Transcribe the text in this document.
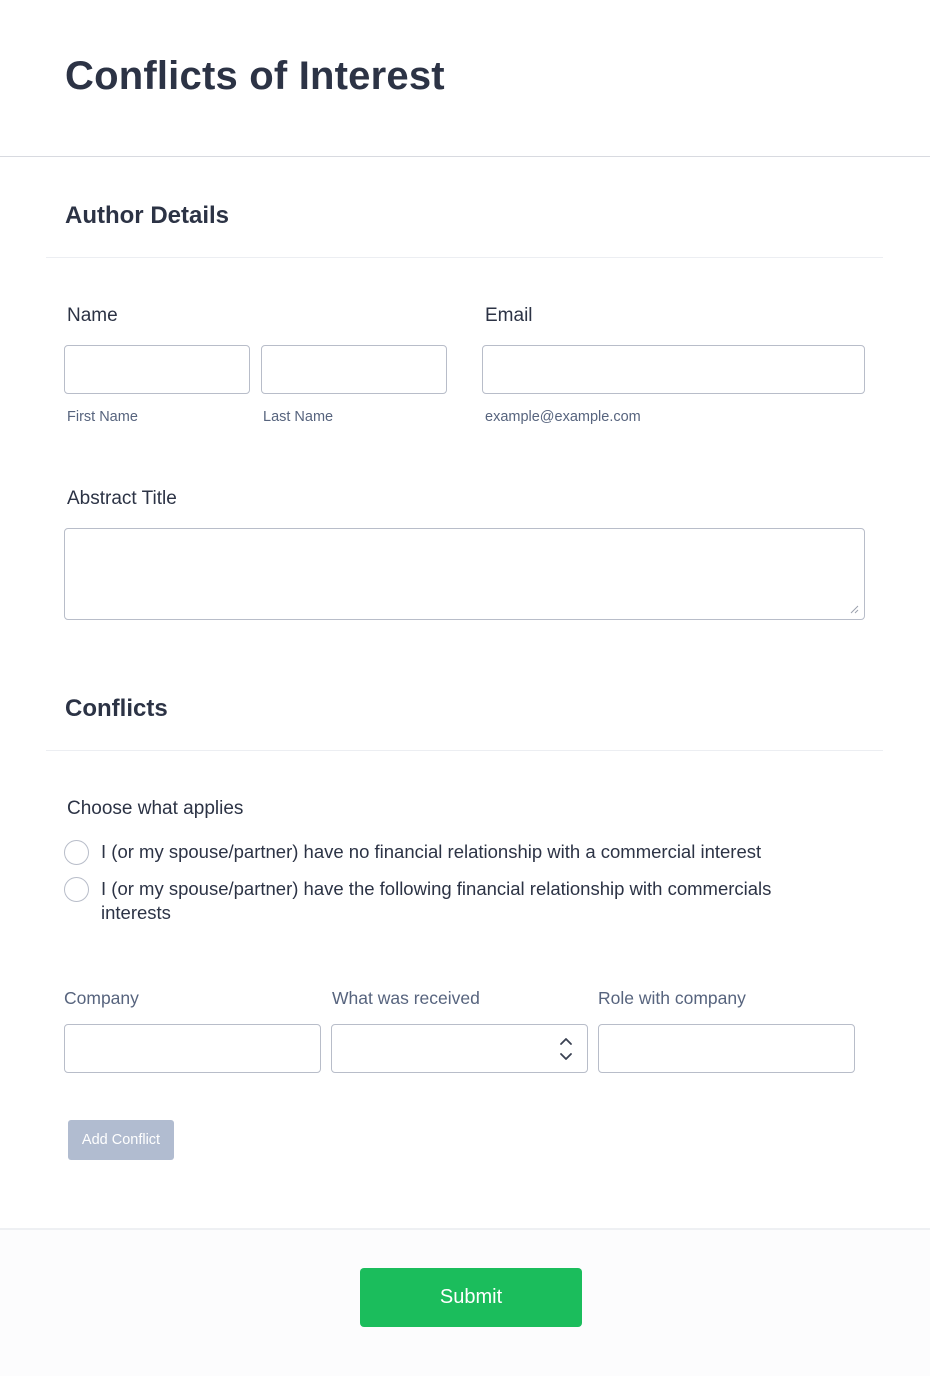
Conflicts of Interest
Author Details
Name
First Name	Last Name
Email
example@example.com
Abstract Title
Conflicts
Choose what applies
I (or my spouse/partner) have no financial relationship with a commercial interest
I (or my spouse/partner) have the following financial relationship with commercials interests
Company	What was received	Role with company
Add Conflict
Submit
